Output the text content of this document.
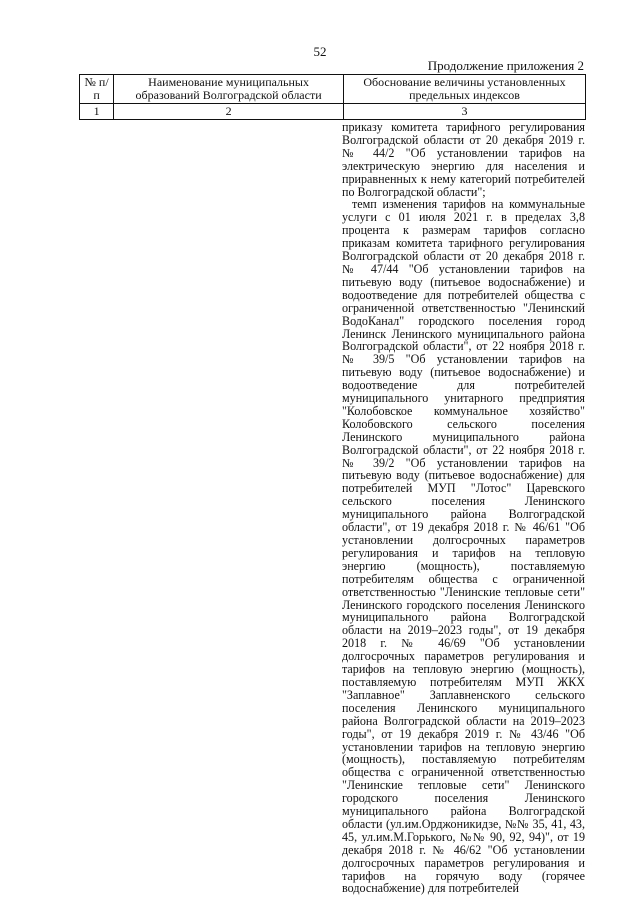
52
Продолжение приложения 2
№ п/п	Наименование муниципальных образований Волгоградской области	Обоснование величины установленных предельных индексов
1	2	3

приказу комитета тарифного регулирования Волгоградской области от 20 декабря 2019 г. № 44/2 "Об установлении тарифов на электрическую энергию для населения и приравненных к нему категорий потребителей по Волгоградской области";

темп изменения тарифов на коммунальные услуги с 01 июля 2021 г. в пределах 3,8 процента к размерам тарифов согласно приказам комитета тарифного регулирования Волгоградской области от 20 декабря 2018 г. № 47/44 "Об установлении тарифов на питьевую воду (питьевое водоснабжение) и водоотведение для потребителей общества с ограниченной ответственностью "Ленинский ВодоКанал" городского поселения город Ленинск Ленинского муниципального района Волгоградской области", от 22 ноября 2018 г. № 39/5 "Об установлении тарифов на питьевую воду (питьевое водоснабжение) и водоотведение для потребителей муниципального унитарного предприятия "Колобовское коммунальное хозяйство" Колобовского сельского поселения Ленинского муниципального района Волгоградской области", от 22 ноября 2018 г. № 39/2 "Об установлении тарифов на питьевую воду (питьевое водоснабжение) для потребителей МУП "Лотос" Царевского сельского поселения Ленинского муниципального района Волгоградской области", от 19 декабря 2018 г. № 46/61 "Об установлении долгосрочных параметров регулирования и тарифов на тепловую энергию (мощность), поставляемую потребителям общества с ограниченной ответственностью "Ленинские тепловые сети" Ленинского городского поселения Ленинского муниципального района Волгоградской области на 2019–2023 годы", от 19 декабря 2018 г. № 46/69 "Об установлении долгосрочных параметров регулирования и тарифов на тепловую энергию (мощность), поставляемую потребителям МУП ЖКХ "Заплавное" Заплавненского сельского поселения Ленинского муниципального района Волгоградской области на 2019–2023 годы", от 19 декабря 2019 г. № 43/46 "Об установлении тарифов на тепловую энергию (мощность), поставляемую потребителям общества с ограниченной ответственностью "Ленинские тепловые сети" Ленинского городского поселения Ленинского муниципального района Волгоградской области (ул.им.Орджоникидзе, №№ 35, 41, 43, 45, ул.им.М.Горького, №№ 90, 92, 94)", от 19 декабря 2018 г. № 46/62 "Об установлении долгосрочных параметров регулирования и тарифов на горячую воду (горячее водоснабжение) для потребителей
